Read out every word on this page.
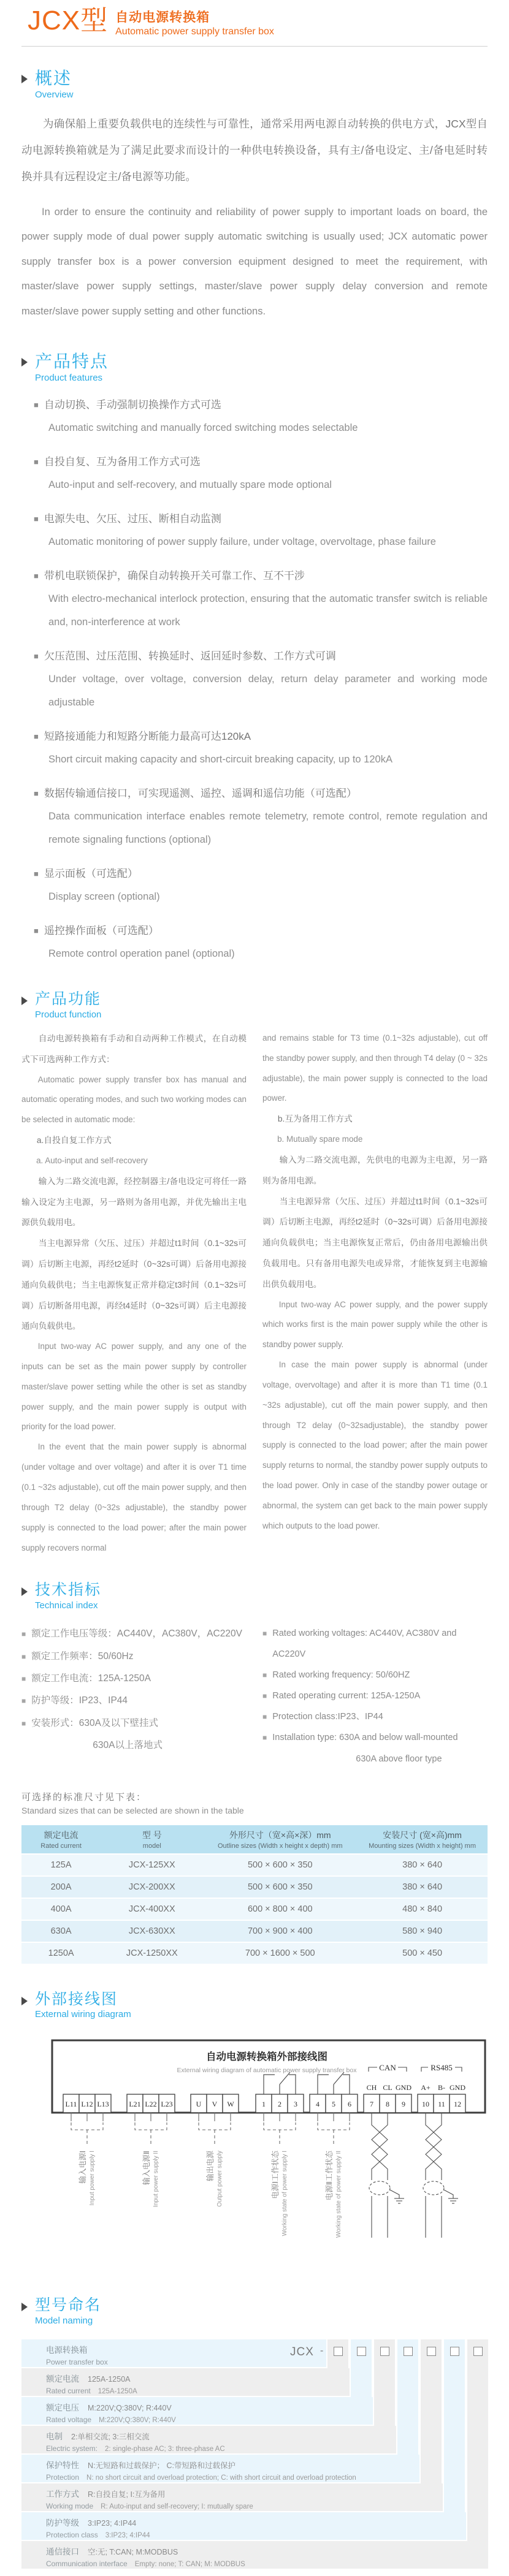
JCX型 自动电源转换箱
Automatic power supply transfer box
概述
Overview

为确保船上重要负载供电的连续性与可靠性，通常采用两电源自动转换的供电方式，JCX型自动电源转换箱就是为了满足此要求而设计的一种供电转换设备，具有主/备电设定、主/备电延时转换并具有远程设定主/备电源等功能。

In order to ensure the continuity and reliability of power supply to important loads on board, the power supply mode of dual power supply automatic switching is usually used; JCX automatic power supply transfer box is a power conversion equipment designed to meet the requirement, with master/slave power supply settings, master/slave power supply delay conversion and remote master/slave power supply setting and other functions.

产品特点
Product features
■ 自动切换、手动强制切换操作方式可选
Automatic switching and manually forced switching modes selectable
■ 自投自复、互为备用工作方式可选
Auto-input and self-recovery, and mutually spare mode optional
■ 电源失电、欠压、过压、断相自动监测
Automatic monitoring of power supply failure, under voltage, overvoltage, phase failure
■ 带机电联锁保护，确保自动转换开关可靠工作、互不干涉
With electro-mechanical interlock protection, ensuring that the automatic transfer switch is reliable and, non-interference at work
■ 欠压范围、过压范围、转换延时、返回延时参数、工作方式可调
Under voltage, over voltage, conversion delay, return delay parameter and working mode adjustable
■ 短路接通能力和短路分断能力最高可达120kA
Short circuit making capacity and short-circuit breaking capacity, up to 120kA
■ 数据传输通信接口，可实现遥测、遥控、遥调和遥信功能（可选配）
Data communication interface enables remote telemetry, remote control, remote regulation and remote signaling functions (optional)
■ 显示面板（可选配）
Display screen (optional)
■ 遥控操作面板（可选配）
Remote control operation panel (optional)
产品功能
Product function

自动电源转换箱有手动和自动两种工作模式，在自动模式下可选两种工作方式：

Automatic power supply transfer box has manual and automatic operating modes, and such two working modes can be selected in automatic mode:

a.自投自复工作方式

a. Auto-input and self-recovery

输入为二路交流电源，经控制器主/备电设定可将任一路输入设定为主电源，另一路则为备用电源，并优先输出主电源供负载用电。

当主电源异常（欠压、过压）并超过t1时间（0.1~32s可调）后切断主电源，再经t2延时（0~32s可调）后备用电源接通向负载供电；当主电源恢复正常并稳定t3时间（0.1~32s可调）后切断备用电源，再经t4延时（0~32s可调）后主电源接通向负载供电。

Input two-way AC power supply, and any one of the inputs can be set as the main power supply by controller master/slave power setting while the other is set as standby power supply, and the main power supply is output with priority for the load power.

In the event that the main power supply is abnormal (under voltage and over voltage) and after it is over T1 time (0.1 ~32s adjustable), cut off the main power supply, and then through T2 delay (0~32s adjustable), the standby power supply is connected to the load power; after the main power supply recovers normal

and remains stable for T3 time (0.1~32s adjustable), cut off the standby power supply, and then through T4 delay (0 ~ 32s adjustable), the main power supply is connected to the load power.

b.互为备用工作方式

b. Mutually spare mode

输入为二路交流电源，先供电的电源为主电源，另一路则为备用电源。

当主电源异常（欠压、过压）并超过t1时间（0.1~32s可调）后切断主电源，再经t2延时（0~32s可调）后备用电源接通向负载供电；当主电源恢复正常后，仍由备用电源输出供负载用电。只有备用电源失电或异常，才能恢复到主电源输出供负载用电。

Input two-way AC power supply, and the power supply which works first is the main power supply while the other is standby power supply.

In case the main power supply is abnormal (under voltage, overvoltage) and after it is more than T1 time (0.1 ~32s adjustable), cut off the main power supply, and then through T2 delay (0~32sadjustable), the standby power supply is connected to the load power; after the main power supply returns to normal, the standby power supply outputs to the load power. Only in case of the standby power outage or abnormal, the system can get back to the main power supply which outputs to the load power.

技术指标
Technical index
■ 额定工作电压等级：AC440V，AC380V，AC220V
■ 额定工作频率：50/60Hz
■ 额定工作电流：125A-1250A
■ 防护等级：IP23、IP44
■ 安装形式：630A及以下壁挂式
630A以上落地式
■ Rated working voltages: AC440V, AC380V and AC220V
■ Rated working frequency: 50/60HZ
■ Rated operating current: 125A-1250A
■ Protection class:IP23、IP44
■ Installation type: 630A and below wall-mounted
630A above floor type
可选择的标准尺寸见下表：
Standard sizes that can be selected are shown in the table
额定电流
Rated current

型 号
model

外形尺寸（宽×高×深）mm
Outline sizes (Width x height x depth) mm

安装尺寸 (宽×高)mm
Mounting sizes (Width x height) mm

125A	JCX-125XX	500 × 600 × 350	380 × 640
200A	JCX-200XX	500 × 600 × 350	380 × 640
400A	JCX-400XX	600 × 800 × 400	480 × 840
630A	JCX-630XX	700 × 900 × 400	580 × 940
1250A	JCX-1250XX	700 × 1600 × 500	500 × 450
外部接线图
External wiring diagram
自动电源转换箱外部接线图
External wiring diagram of automatic power supply transfer box
L11 L12 L13	L21 L22 L23	U V W	1 2 3	4 5 6	7 8 9 10 11 12
CH CL GND A+ B- GND
CAN	RS485
输入电源Ⅰ Input power supply I	输入电源Ⅱ Input power supply II	输出电源 Output power supply	电源Ⅰ工作状态 Working state of power supply I	电源Ⅱ工作状态 Working state of power supply II
型号命名
Model naming
电源转换箱
Power transfer box
额定电流 125A-1250A
Rated current 125A-1250A
额定电压 M:220V;Q:380V; R:440V
Rated voltage M:220V;Q:380V; R:440V
电制 2:单相交流; 3:三相交流
Electric system: 2: single-phase AC; 3: three-phase AC
保护特性 N:无短路和过载保护； C:带短路和过载保护
Protection N: no short circuit and overload protection; C: with short circuit and overload protection
工作方式 R:自投自复; I:互为备用
Working mode R: Auto-input and self-recovery; I: mutually spare
防护等级 3:IP23; 4:IP44
Protection class 3:IP23; 4:IP44
通信接口 空:无; T:CAN; M:MODBUS
Communication interface Empty: none; T: CAN; M: MODBUS
JCX -
